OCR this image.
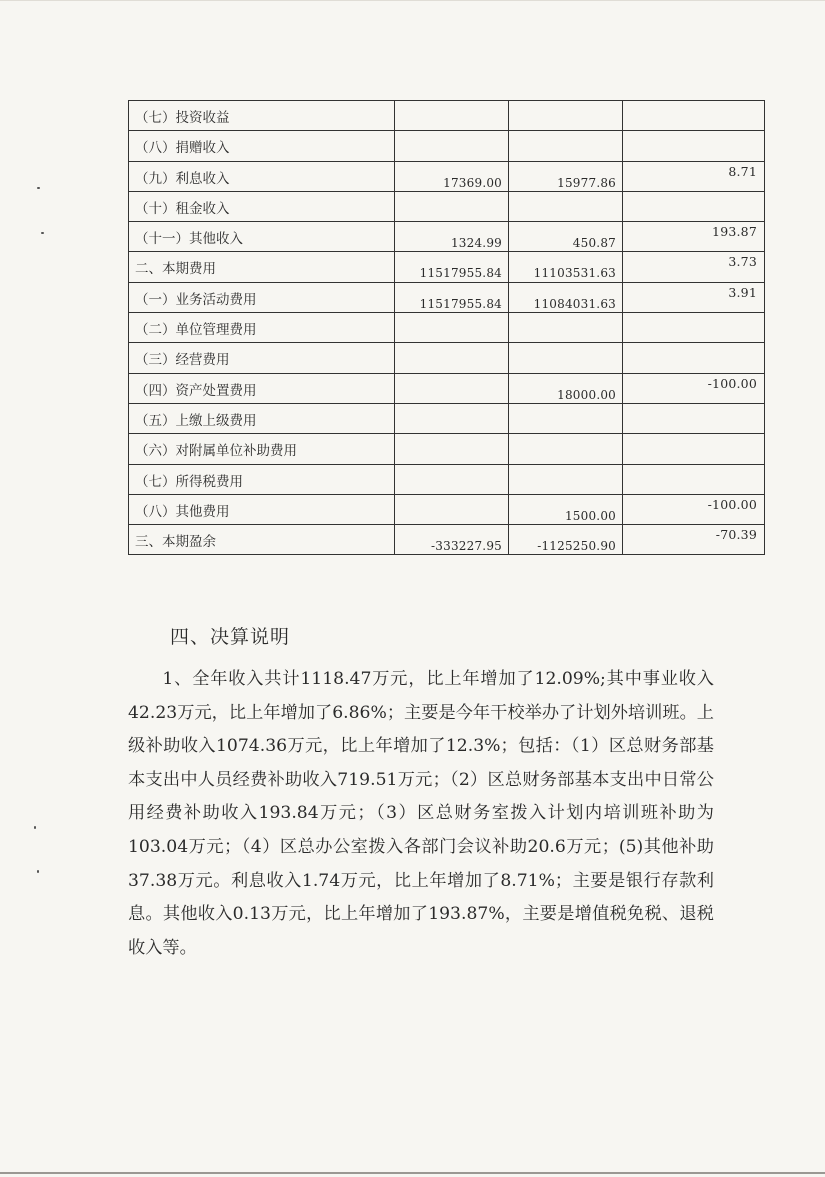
（七）投资收益			
（八）捐赠收入			
（九）利息收入	17369.00	15977.86	8.71
（十）租金收入			
（十一）其他收入	1324.99	450.87	193.87
二、本期费用	11517955.84	11103531.63	3.73
（一）业务活动费用	11517955.84	11084031.63	3.91
（二）单位管理费用			
（三）经营费用			
（四）资产处置费用		18000.00	-100.00
（五）上缴上级费用			
（六）对附属单位补助费用			
（七）所得税费用			
（八）其他费用		1500.00	-100.00
三、本期盈余	-333227.95	-1125250.90	-70.39
四、决算说明

1、全年收入共计1118.47万元，比上年增加了12.09%;其中事业收入42.23万元，比上年增加了6.86%；主要是今年干校举办了计划外培训班。上级补助收入1074.36万元，比上年增加了12.3%；包括：（1）区总财务部基本支出中人员经费补助收入719.51万元；（2）区总财务部基本支出中日常公用经费补助收入193.84万元；（3）区总财务室拨入计划内培训班补助为103.04万元；（4）区总办公室拨入各部门会议补助20.6万元；(5)其他补助37.38万元。利息收入1.74万元，比上年增加了8.71%；主要是银行存款利息。其他收入0.13万元，比上年增加了193.87%，主要是增值税免税、退税收入等。
